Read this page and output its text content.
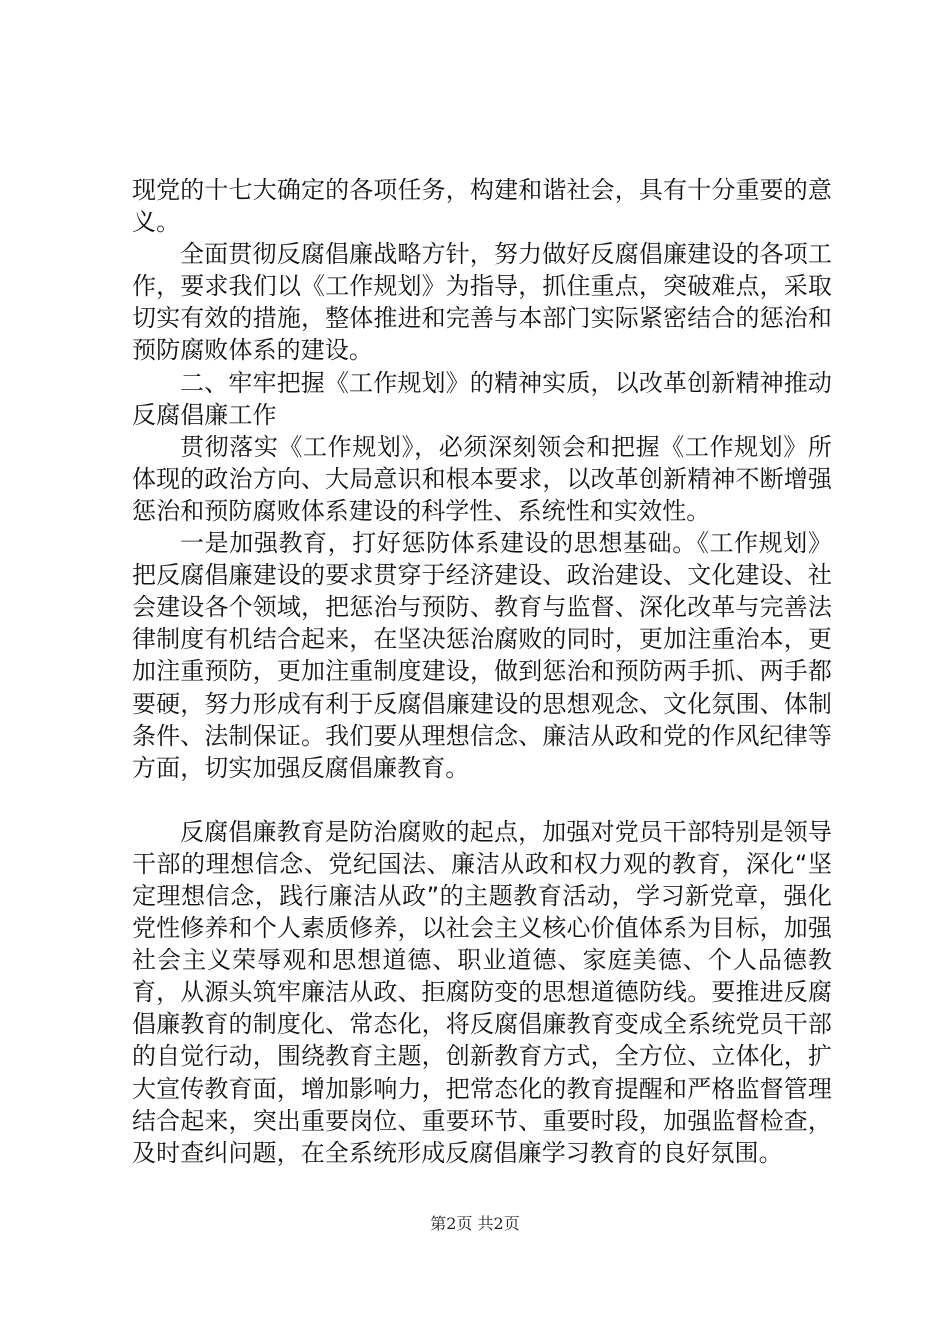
现党的十七大确定的各项任务，构建和谐社会，具有十分重要的意义。

全面贯彻反腐倡廉战略方针，努力做好反腐倡廉建设的各项工作，要求我们以《工作规划》为指导，抓住重点，突破难点，采取切实有效的措施，整体推进和完善与本部门实际紧密结合的惩治和预防腐败体系的建设。

二、牢牢把握《工作规划》的精神实质，以改革创新精神推动反腐倡廉工作

贯彻落实《工作规划》，必须深刻领会和把握《工作规划》所体现的政治方向、大局意识和根本要求，以改革创新精神不断增强惩治和预防腐败体系建设的科学性、系统性和实效性。

一是加强教育，打好惩防体系建设的思想基础。《工作规划》把反腐倡廉建设的要求贯穿于经济建设、政治建设、文化建设、社会建设各个领域，把惩治与预防、教育与监督、深化改革与完善法律制度有机结合起来，在坚决惩治腐败的同时，更加注重治本，更加注重预防，更加注重制度建设，做到惩治和预防两手抓、两手都要硬，努力形成有利于反腐倡廉建设的思想观念、文化氛围、体制条件、法制保证。我们要从理想信念、廉洁从政和党的作风纪律等方面，切实加强反腐倡廉教育。

反腐倡廉教育是防治腐败的起点，加强对党员干部特别是领导干部的理想信念、党纪国法、廉洁从政和权力观的教育，深化“坚定理想信念，践行廉洁从政”的主题教育活动，学习新党章，强化党性修养和个人素质修养，以社会主义核心价值体系为目标，加强社会主义荣辱观和思想道德、职业道德、家庭美德、个人品德教育，从源头筑牢廉洁从政、拒腐防变的思想道德防线。要推进反腐倡廉教育的制度化、常态化，将反腐倡廉教育变成全系统党员干部的自觉行动，围绕教育主题，创新教育方式，全方位、立体化，扩大宣传教育面，增加影响力，把常态化的教育提醒和严格监督管理结合起来，突出重要岗位、重要环节、重要时段，加强监督检查，及时查纠问题，在全系统形成反腐倡廉学习教育的良好氛围。

第2页 共2页
